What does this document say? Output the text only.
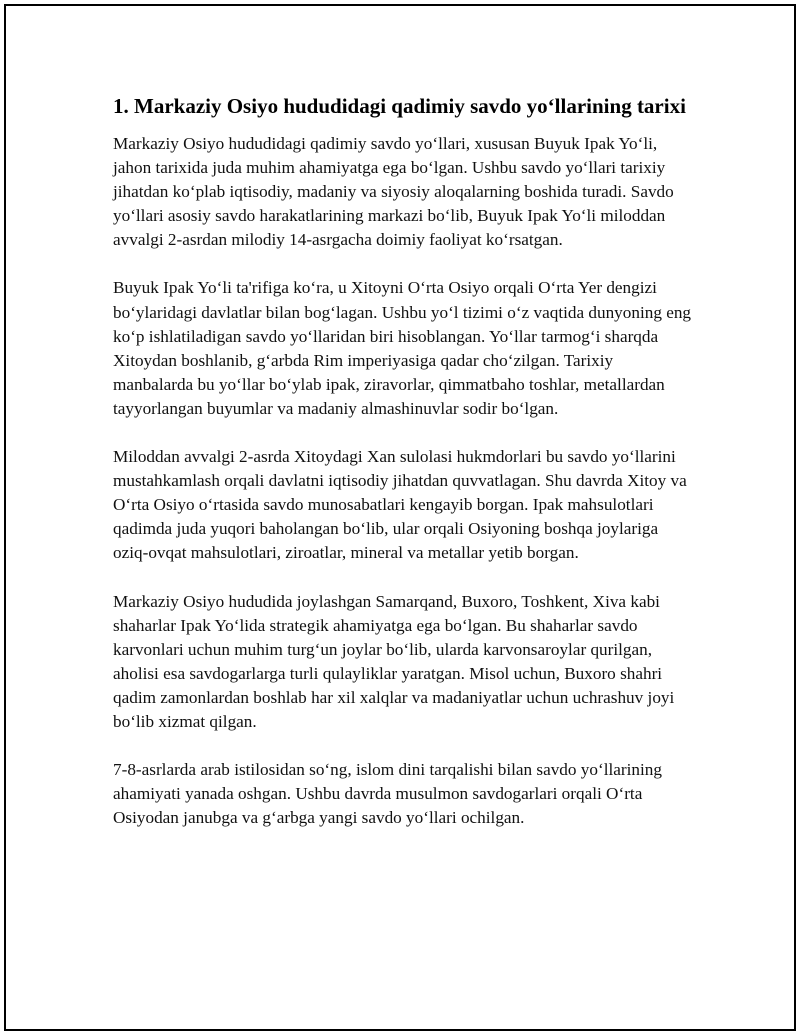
1. Markaziy Osiyo hududidagi qadimiy savdo yoʻllarining tarixi

Markaziy Osiyo hududidagi qadimiy savdo yoʻllari, xususan Buyuk Ipak Yoʻli, jahon tarixida juda muhim ahamiyatga ega boʻlgan. Ushbu savdo yoʻllari tarixiy jihatdan koʻplab iqtisodiy, madaniy va siyosiy aloqalarning boshida turadi. Savdo yoʻllari asosiy savdo harakatlarining markazi boʻlib, Buyuk Ipak Yoʻli miloddan avvalgi 2-asrdan milodiy 14-asrgacha doimiy faoliyat koʻrsatgan.

Buyuk Ipak Yoʻli ta'rifiga koʻra, u Xitoyni Oʻrta Osiyo orqali Oʻrta Yer dengizi boʻylaridagi davlatlar bilan bogʻlagan. Ushbu yoʻl tizimi oʻz vaqtida dunyoning eng koʻp ishlatiladigan savdo yoʻllaridan biri hisoblangan. Yoʻllar tarmogʻi sharqda Xitoydan boshlanib, gʻarbda Rim imperiyasiga qadar choʻzilgan. Tarixiy manbalarda bu yoʻllar boʻylab ipak, ziravorlar, qimmatbaho toshlar, metallardan tayyorlangan buyumlar va madaniy almashinuvlar sodir boʻlgan.

Miloddan avvalgi 2-asrda Xitoydagi Xan sulolasi hukmdorlari bu savdo yoʻllarini mustahkamlash orqali davlatni iqtisodiy jihatdan quvvatlagan. Shu davrda Xitoy va Oʻrta Osiyo oʻrtasida savdo munosabatlari kengayib borgan. Ipak mahsulotlari qadimda juda yuqori baholangan boʻlib, ular orqali Osiyoning boshqa joylariga oziq-ovqat mahsulotlari, ziroatlar, mineral va metallar yetib borgan.

Markaziy Osiyo hududida joylashgan Samarqand, Buxoro, Toshkent, Xiva kabi shaharlar Ipak Yoʻlida strategik ahamiyatga ega boʻlgan. Bu shaharlar savdo karvonlari uchun muhim turgʻun joylar boʻlib, ularda karvonsaroylar qurilgan, aholisi esa savdogarlarga turli qulayliklar yaratgan. Misol uchun, Buxoro shahri qadim zamonlardan boshlab har xil xalqlar va madaniyatlar uchun uchrashuv joyi boʻlib xizmat qilgan.

7-8-asrlarda arab istilosidan soʻng, islom dini tarqalishi bilan savdo yoʻllarining ahamiyati yanada oshgan. Ushbu davrda musulmon savdogarlari orqali Oʻrta Osiyodan janubga va gʻarbga yangi savdo yoʻllari ochilgan.
